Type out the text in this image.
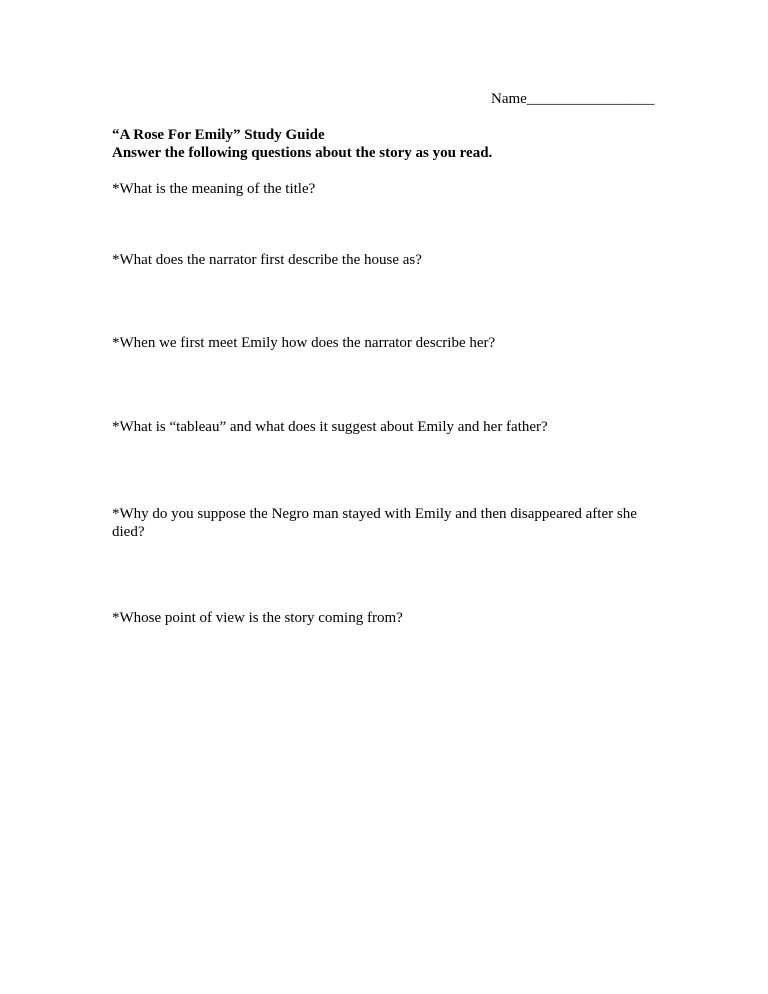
Name_________________
“A Rose For Emily” Study Guide
Answer the following questions about the story as you read.
*What is the meaning of the title?
*What does the narrator first describe the house as?
*When we first meet Emily how does the narrator describe her?
*What is “tableau” and what does it suggest about Emily and her father?
*Why do you suppose the Negro man stayed with Emily and then disappeared after she died?
*Whose point of view is the story coming from?
